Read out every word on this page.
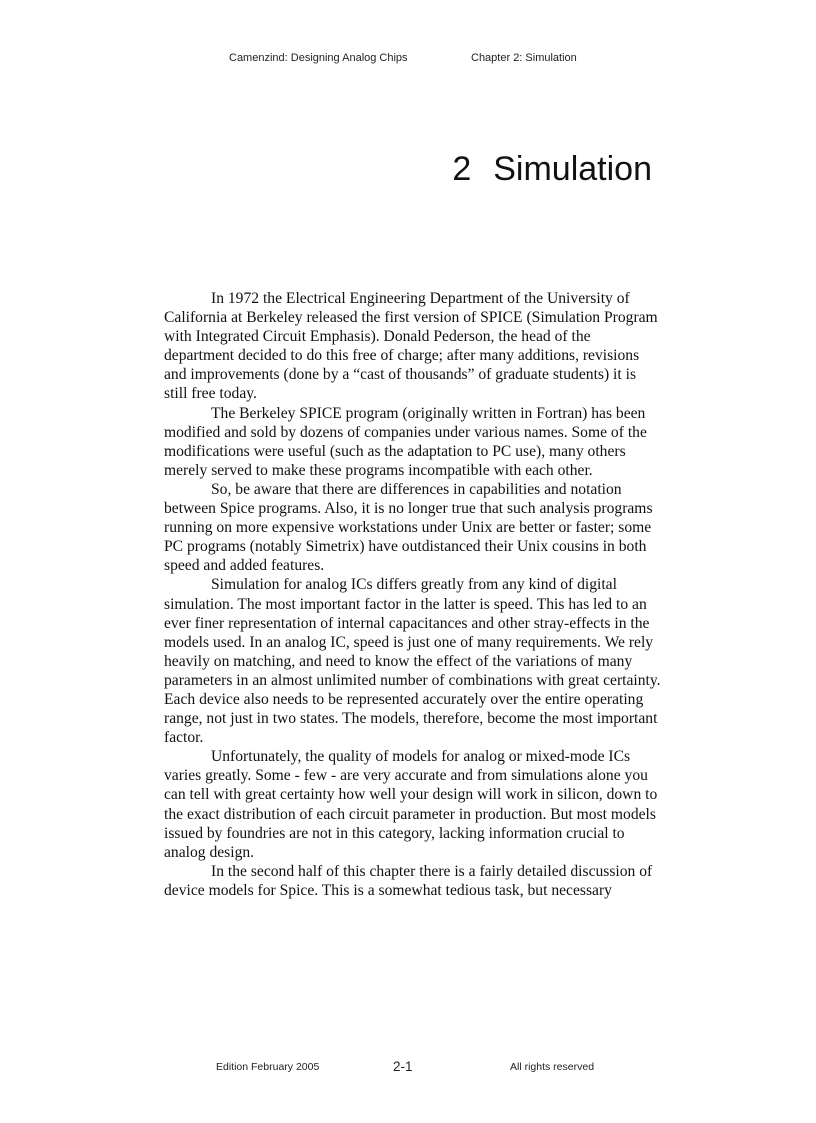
Camenzind: Designing Analog Chips	Chapter 2: Simulation
2 Simulation

In 1972 the Electrical Engineering Department of the University of California at Berkeley released the first version of SPICE (Simulation Program with Integrated Circuit Emphasis). Donald Pederson, the head of the department decided to do this free of charge; after many additions, revisions and improvements (done by a “cast of thousands” of graduate students) it is still free today.

The Berkeley SPICE program (originally written in Fortran) has been modified and sold by dozens of companies under various names. Some of the modifications were useful (such as the adaptation to PC use), many others merely served to make these programs incompatible with each other.

So, be aware that there are differences in capabilities and notation between Spice programs. Also, it is no longer true that such analysis programs running on more expensive workstations under Unix are better or faster; some PC programs (notably Simetrix) have outdistanced their Unix cousins in both speed and added features.

Simulation for analog ICs differs greatly from any kind of digital simulation. The most important factor in the latter is speed. This has led to an ever finer representation of internal capacitances and other stray-effects in the models used. In an analog IC, speed is just one of many requirements. We rely heavily on matching, and need to know the effect of the variations of many parameters in an almost unlimited number of combinations with great certainty. Each device also needs to be represented accurately over the entire operating range, not just in two states. The models, therefore, become the most important factor.

Unfortunately, the quality of models for analog or mixed-mode ICs varies greatly. Some - few - are very accurate and from simulations alone you can tell with great certainty how well your design will work in silicon, down to the exact distribution of each circuit parameter in production. But most models issued by foundries are not in this category, lacking information crucial to analog design.

In the second half of this chapter there is a fairly detailed discussion of device models for Spice. This is a somewhat tedious task, but necessary

Edition February 2005	2-1	All rights reserved
